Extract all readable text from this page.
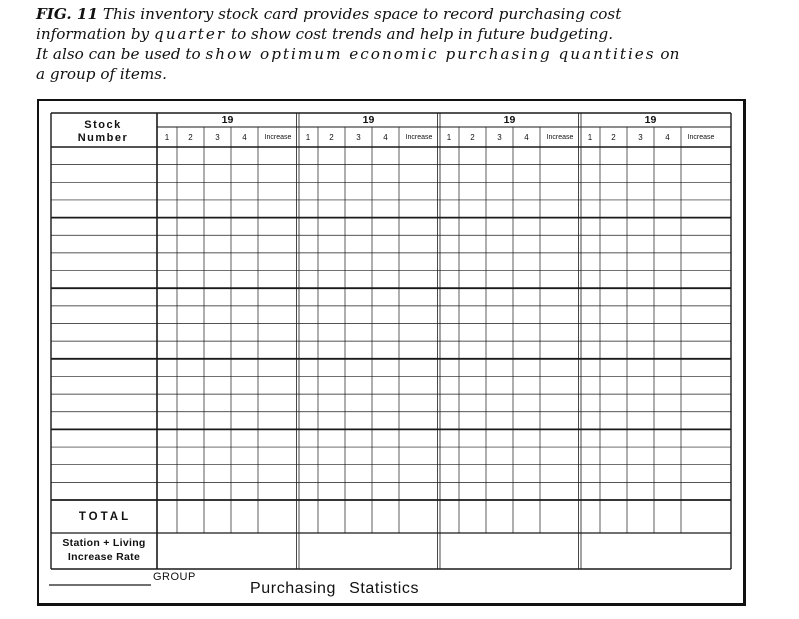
FIG. 11 This inventory stock card provides space to record purchasing cost
information by quarter to show cost trends and help in future budgeting.
It also can be used to show optimum economic purchasing quantities on
a group of items.
Stock
Number
19	19	19	19
1	2	3	4	Increase	1	2	3	4	Increase	1	2	3	4	Increase	1	2	3	4	Increase
TOTAL
Station + Living
Increase Rate
GROUP
Purchasing Statistics
